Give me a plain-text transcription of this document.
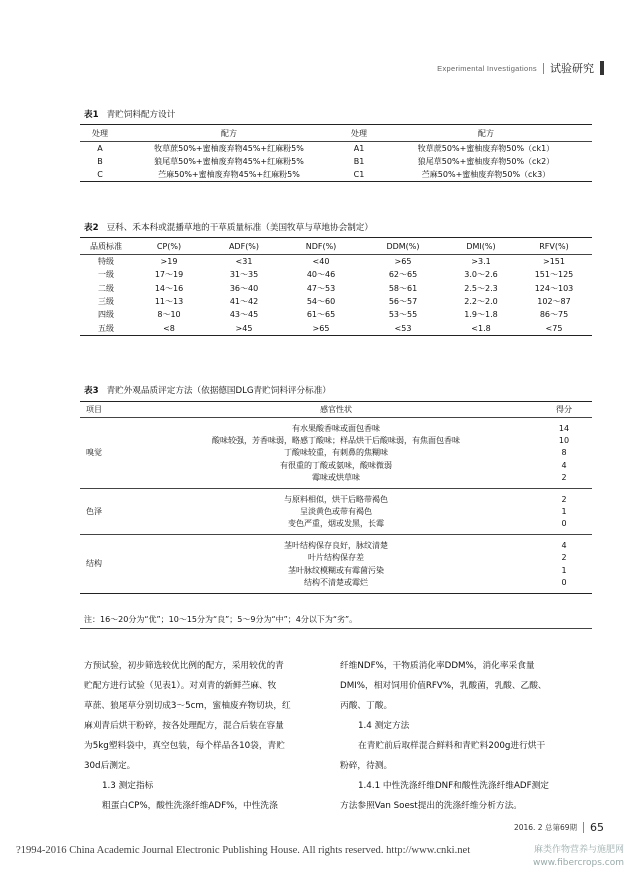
Experimental Investigations 试验研究
表1 青贮饲料配方设计
处理	配方	处理	配方
A	牧草蔗50%+蜜柚废弃物45%+红麻粉5%	A1	牧草蔗50%+蜜柚废弃物50%（ck1）
B	狼尾草50%+蜜柚废弃物45%+红麻粉5%	B1	狼尾草50%+蜜柚废弃物50%（ck2）
C	苎麻50%+蜜柚废弃物45%+红麻粉5%	C1	苎麻50%+蜜柚废弃物50%（ck3）
表2 豆科、禾本科或混播草地的干草质量标准（美国牧草与草地协会制定）
品质标准	CP(%)	ADF(%)	NDF(%)	DDM(%)	DMI(%)	RFV(%)
特级	>19	<31	<40	>65	>3.1	>151
一级	17～19	31～35	40～46	62～65	3.0～2.6	151～125
二级	14～16	36～40	47～53	58～61	2.5～2.3	124～103
三级	11～13	41～42	54～60	56～57	2.2～2.0	102～87
四级	8～10	43～45	61～65	53～55	1.9～1.8	86～75
五级	<8	>45	>65	<53	<1.8	<75
表3 青贮外观品质评定方法（依据德国DLG青贮饲料评分标准）
项目	感官性状	得分

嗅觉	有水果酸香味或面包香味	14
	酸味较强，芳香味弱，略感丁酸味；样品烘干后酸味弱，有焦面包香味	10
	丁酸味较重，有刺鼻的焦糊味	8
	有很重的丁酸或氨味，酸味微弱	4
	霉味或烘草味	2

色泽	与原料相似，烘干后略带褐色	2
	呈淡黄色或带有褐色	1
	变色严重，烟或发黑，长霉	0

结构	茎叶结构保存良好，脉纹清楚	4
	叶片结构保存差	2
	茎叶脉纹模糊或有霉菌污染	1
	结构不清楚或霉烂	0

注：16～20分为“优”；10～15分为“良”；5～9分为“中”；4分以下为“劣”。

方预试验，初步筛选较优比例的配方，采用较优的青

贮配方进行试验（见表1）。对刈青的新鲜苎麻、牧

草蔗、狼尾草分别切成3～5cm，蜜柚废弃物切块，红

麻刈青后烘干粉碎，按各处理配方，混合后装在容量

为5kg塑料袋中，真空包装，每个样品各10袋，青贮

30d后测定。

1.3 测定指标

粗蛋白CP%，酸性洗涤纤维ADF%，中性洗涤

纤维NDF%，干物质消化率DDM%，消化率采食量

DMI%，相对饲用价值RFV%，乳酸菌，乳酸、乙酸、

丙酸、丁酸。

1.4 测定方法

在青贮前后取样混合鲜料和青贮料200g进行烘干

粉碎，待测。

1.4.1 中性洗涤纤维DNF和酸性洗涤纤维ADF测定

方法参照Van Soest提出的洗涤纤维分析方法。

2016. 2 总第69期 65
?1994-2016 China Academic Journal Electronic Publishing House. All rights reserved. http://www.cnki.net	麻类作物营养与施肥网
www.fibercrops.com
